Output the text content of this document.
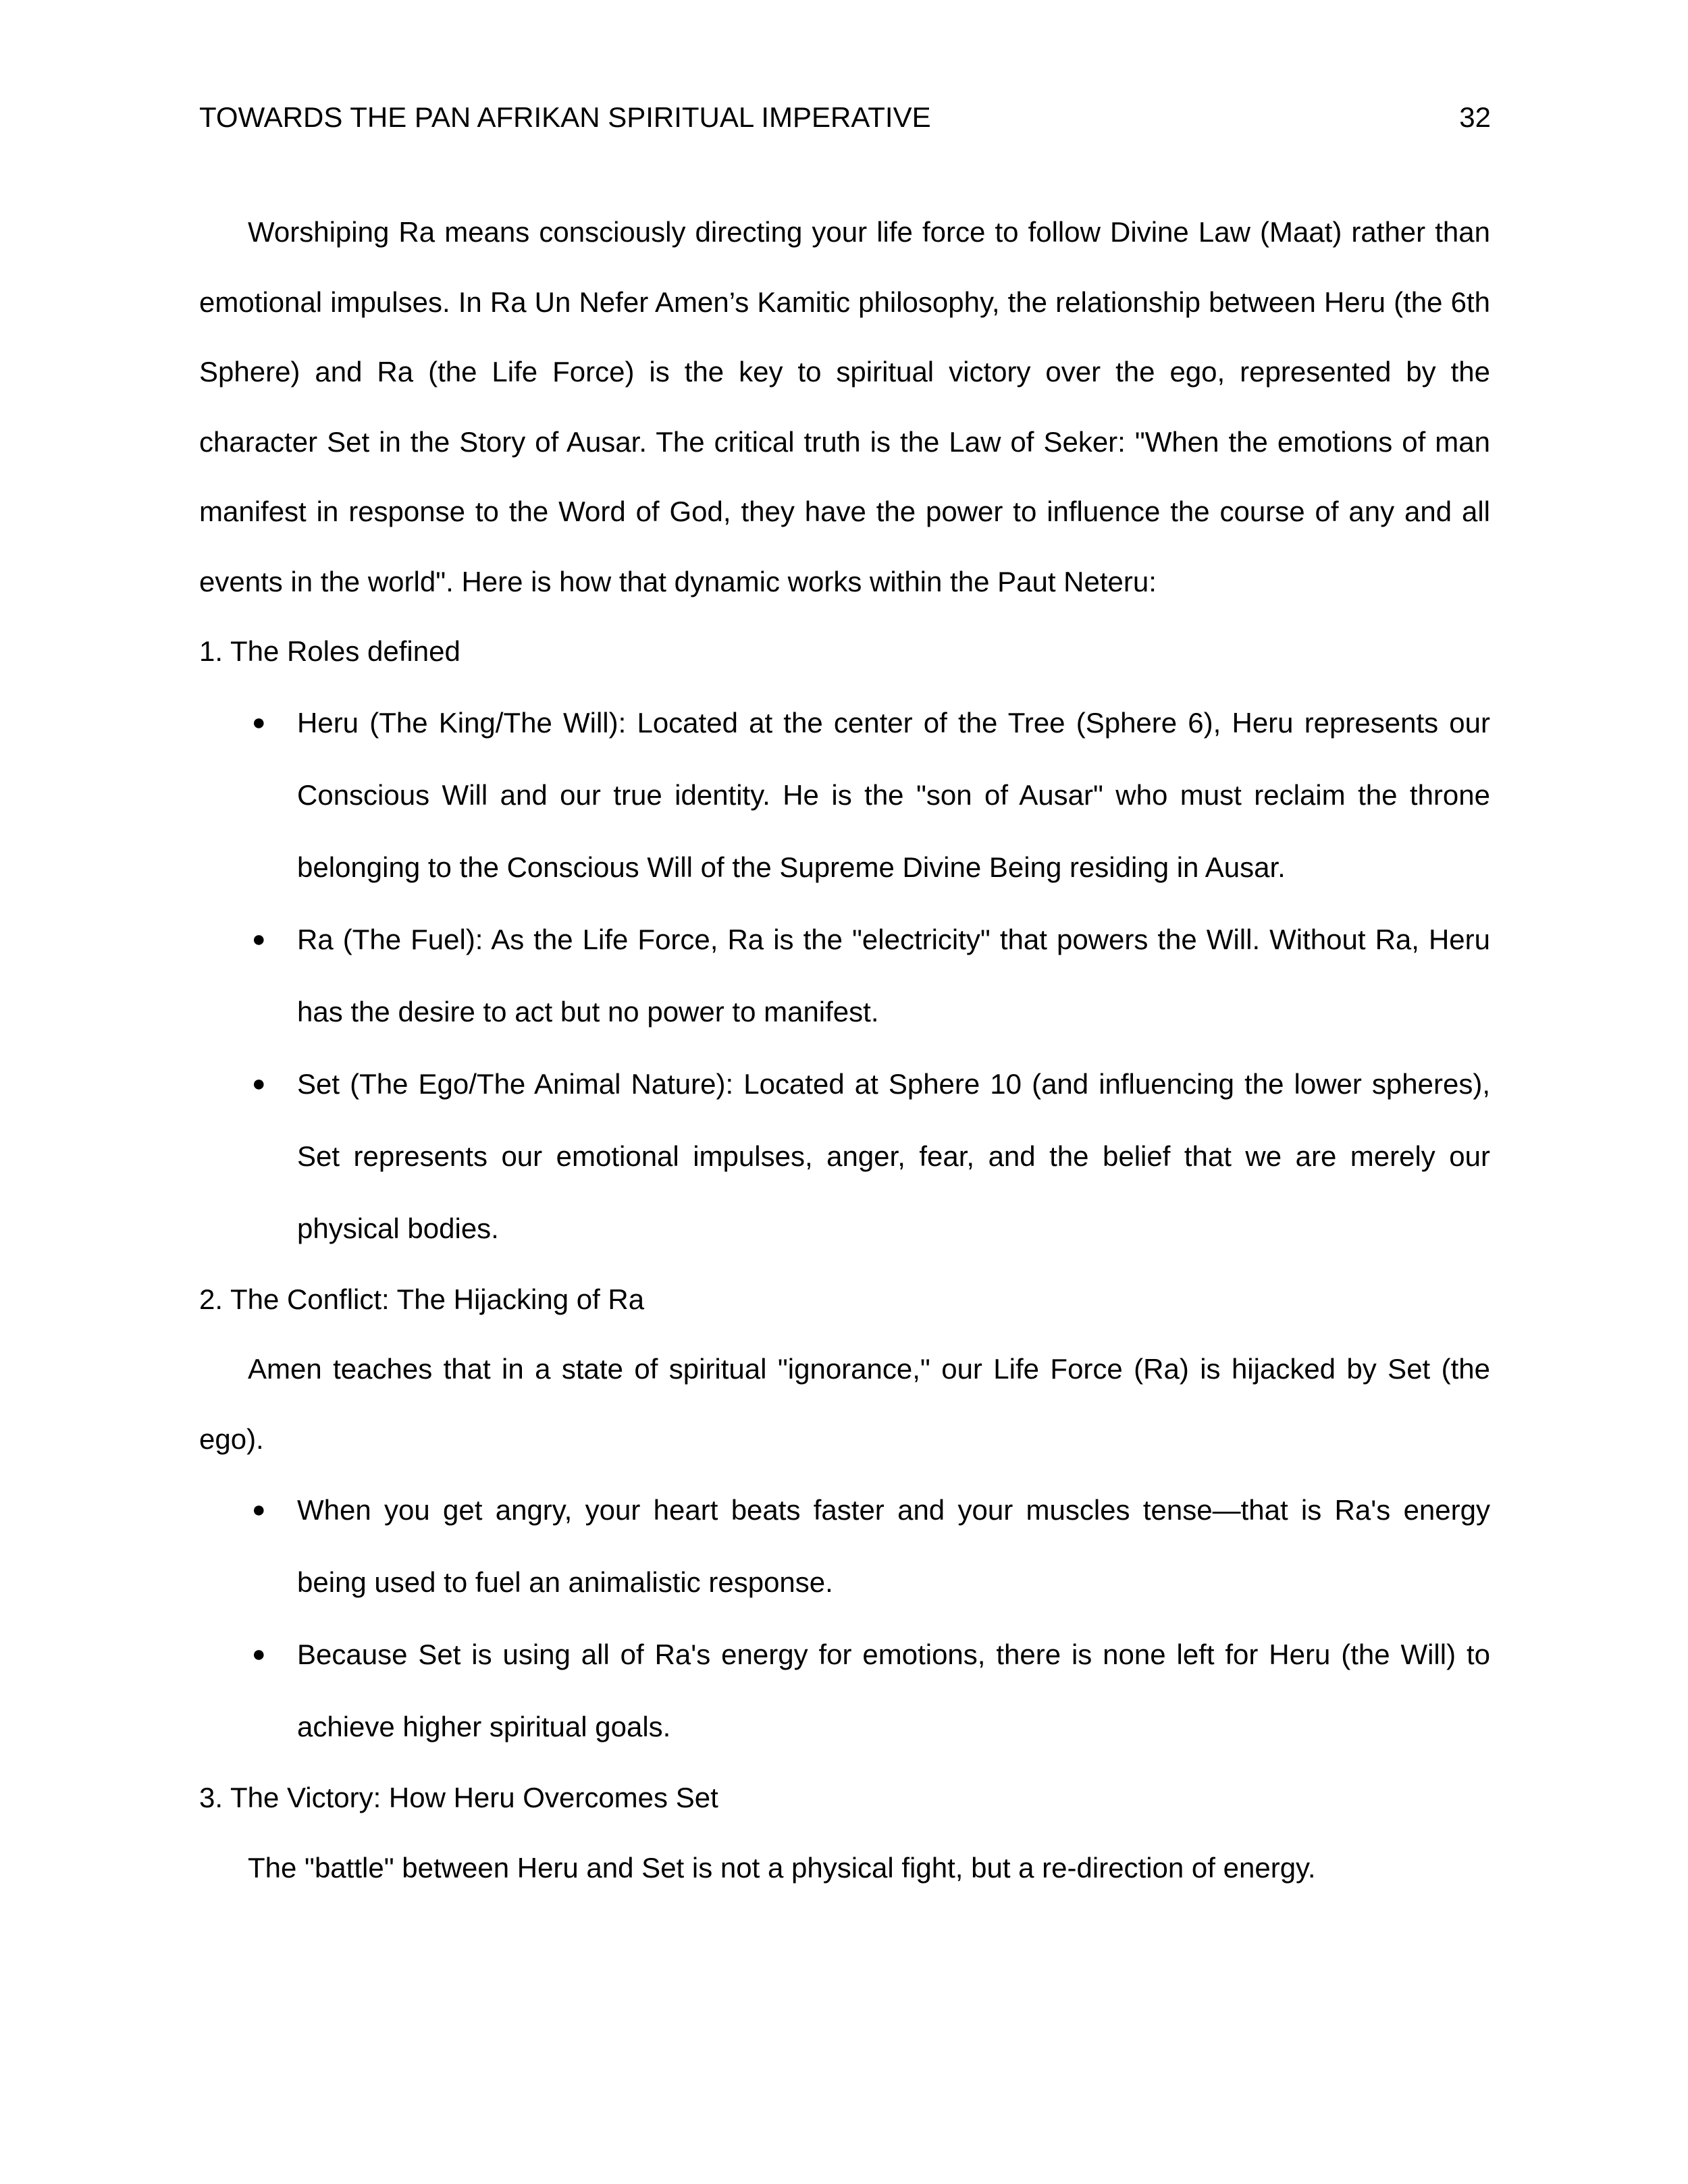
TOWARDS THE PAN AFRIKAN SPIRITUAL IMPERATIVE	32

Worshiping Ra means consciously directing your life force to follow Divine Law (Maat) rather than emotional impulses. In Ra Un Nefer Amen’s Kamitic philosophy, the relationship between Heru (the 6th Sphere) and Ra (the Life Force) is the key to spiritual victory over the ego, represented by the character Set in the Story of Ausar. The critical truth is the Law of Seker: "When the emotions of man manifest in response to the Word of God, they have the power to influence the course of any and all events in the world". Here is how that dynamic works within the Paut Neteru:

1. The Roles defined

● Heru (The King/The Will): Located at the center of the Tree (Sphere 6), Heru represents our Conscious Will and our true identity. He is the "son of Ausar" who must reclaim the throne belonging to the Conscious Will of the Supreme Divine Being residing in Ausar.
● Ra (The Fuel): As the Life Force, Ra is the "electricity" that powers the Will. Without Ra, Heru has the desire to act but no power to manifest.
● Set (The Ego/The Animal Nature): Located at Sphere 10 (and influencing the lower spheres), Set represents our emotional impulses, anger, fear, and the belief that we are merely our physical bodies.

2. The Conflict: The Hijacking of Ra

Amen teaches that in a state of spiritual "ignorance," our Life Force (Ra) is hijacked by Set (the ego).

● When you get angry, your heart beats faster and your muscles tense—that is Ra's energy being used to fuel an animalistic response.
● Because Set is using all of Ra's energy for emotions, there is none left for Heru (the Will) to achieve higher spiritual goals.

3. The Victory: How Heru Overcomes Set

The "battle" between Heru and Set is not a physical fight, but a re-direction of energy.
